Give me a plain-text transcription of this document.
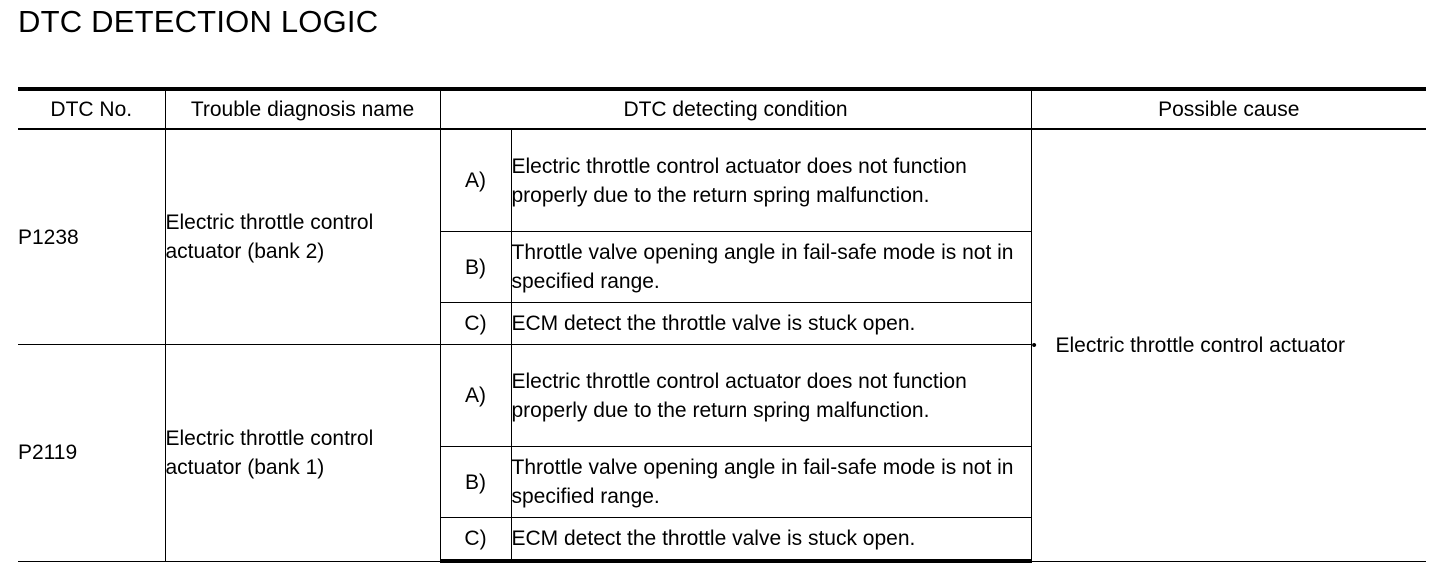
DTC DETECTION LOGIC
DTC No.	Trouble diagnosis name	DTC detecting condition		Possible cause
P1238	Electric throttle control actuator (bank 2)	A)	Electric throttle control actuator does not function properly due to the return spring malfunction.	• Electric throttle control actuator
		B)	Throttle valve opening angle in fail-safe mode is not in specified range.	
		C)	ECM detect the throttle valve is stuck open.	
P2119	Electric throttle control actuator (bank 1)	A)	Electric throttle control actuator does not function properly due to the return spring malfunction.	
		B)	Throttle valve opening angle in fail-safe mode is not in specified range.	
		C)	ECM detect the throttle valve is stuck open.	
